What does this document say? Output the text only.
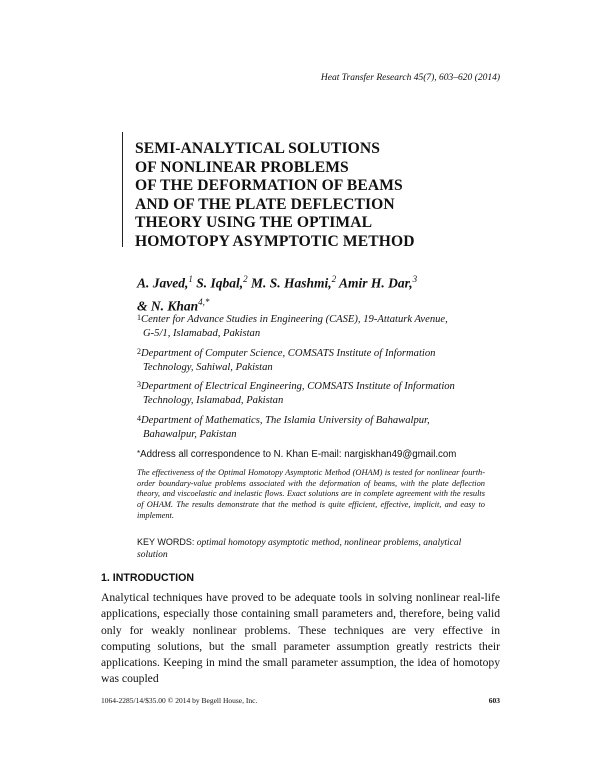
Heat Transfer Research 45(7), 603–620 (2014)
SEMI-ANALYTICAL SOLUTIONS
OF NONLINEAR PROBLEMS
OF THE DEFORMATION OF BEAMS
AND OF THE PLATE DEFLECTION
THEORY USING THE OPTIMAL
HOMOTOPY ASYMPTOTIC METHOD
A. Javed,$^1$ S. Iqbal,$^2$ M. S. Hashmi,$^2$ Amir H. Dar,$^3$
& N. Khan$^{4,*}$
$^1$Center for Advance Studies in Engineering (CASE), 19-Attaturk Avenue,
G-5/1, Islamabad, Pakistan
$^2$Department of Computer Science, COMSATS Institute of Information
Technology, Sahiwal, Pakistan
$^3$Department of Electrical Engineering, COMSATS Institute of Information
Technology, Islamabad, Pakistan
$^4$Department of Mathematics, The Islamia University of Bahawalpur,
Bahawalpur, Pakistan
*Address all correspondence to N. Khan E-mail: nargiskhan49@gmail.com
The effectiveness of the Optimal Homotopy Asymptotic Method (OHAM) is tested for nonlinear fourth-order boundary-value problems associated with the deformation of beams, with the plate deflection theory, and viscoelastic and inelastic flows. Exact solutions are in complete agreement with the results of OHAM. The results demonstrate that the method is quite efficient, effective, implicit, and easy to implement.
KEY WORDS: optimal homotopy asymptotic method, nonlinear problems, analytical solution
1. INTRODUCTION
Analytical techniques have proved to be adequate tools in solving nonlinear real-life applications, especially those containing small parameters and, therefore, being valid only for weakly nonlinear problems. These techniques are very effective in computing solutions, but the small parameter assumption greatly restricts their applications. Keeping in mind the small parameter assumption, the idea of homotopy was coupled
1064-2285/14/$35.00 © 2014 by Begell House, Inc.	603
